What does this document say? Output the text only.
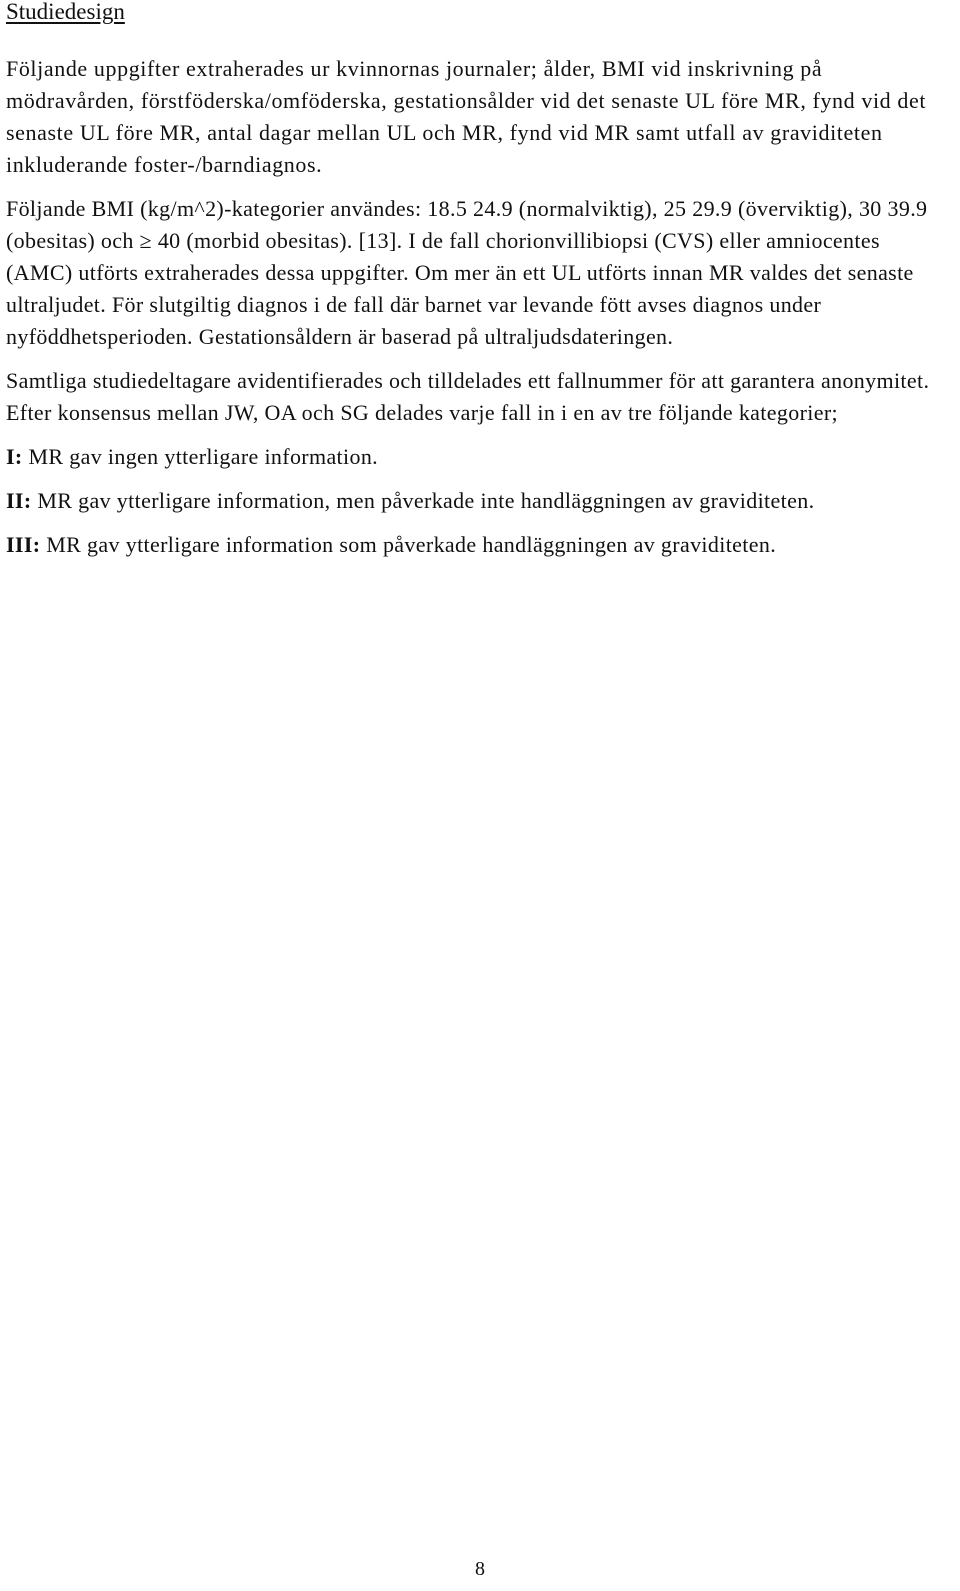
Studiedesign

Följande uppgifter extraherades ur kvinnornas journaler; ålder, BMI vid inskrivning på mödravården, förstföderska/omföderska, gestationsålder vid det senaste UL före MR, fynd vid det senaste UL före MR, antal dagar mellan UL och MR, fynd vid MR samt utfall av graviditeten inkluderande foster-/barndiagnos.

Följande BMI (kg/m^2)-kategorier användes: 18.5 24.9 (normalviktig), 25 29.9 (överviktig), 30 39.9 (obesitas) och ≥ 40 (morbid obesitas). [13]. I de fall chorionvillibiopsi (CVS) eller amniocentes (AMC) utförts extraherades dessa uppgifter. Om mer än ett UL utförts innan MR valdes det senaste ultraljudet. För slutgiltig diagnos i de fall där barnet var levande fött avses diagnos under nyföddhetsperioden. Gestationsåldern är baserad på ultraljudsdateringen.

Samtliga studiedeltagare avidentifierades och tilldelades ett fallnummer för att garantera anonymitet. Efter konsensus mellan JW, OA och SG delades varje fall in i en av tre följande kategorier;

I: MR gav ingen ytterligare information.

II: MR gav ytterligare information, men påverkade inte handläggningen av graviditeten.

III: MR gav ytterligare information som påverkade handläggningen av graviditeten.

8
